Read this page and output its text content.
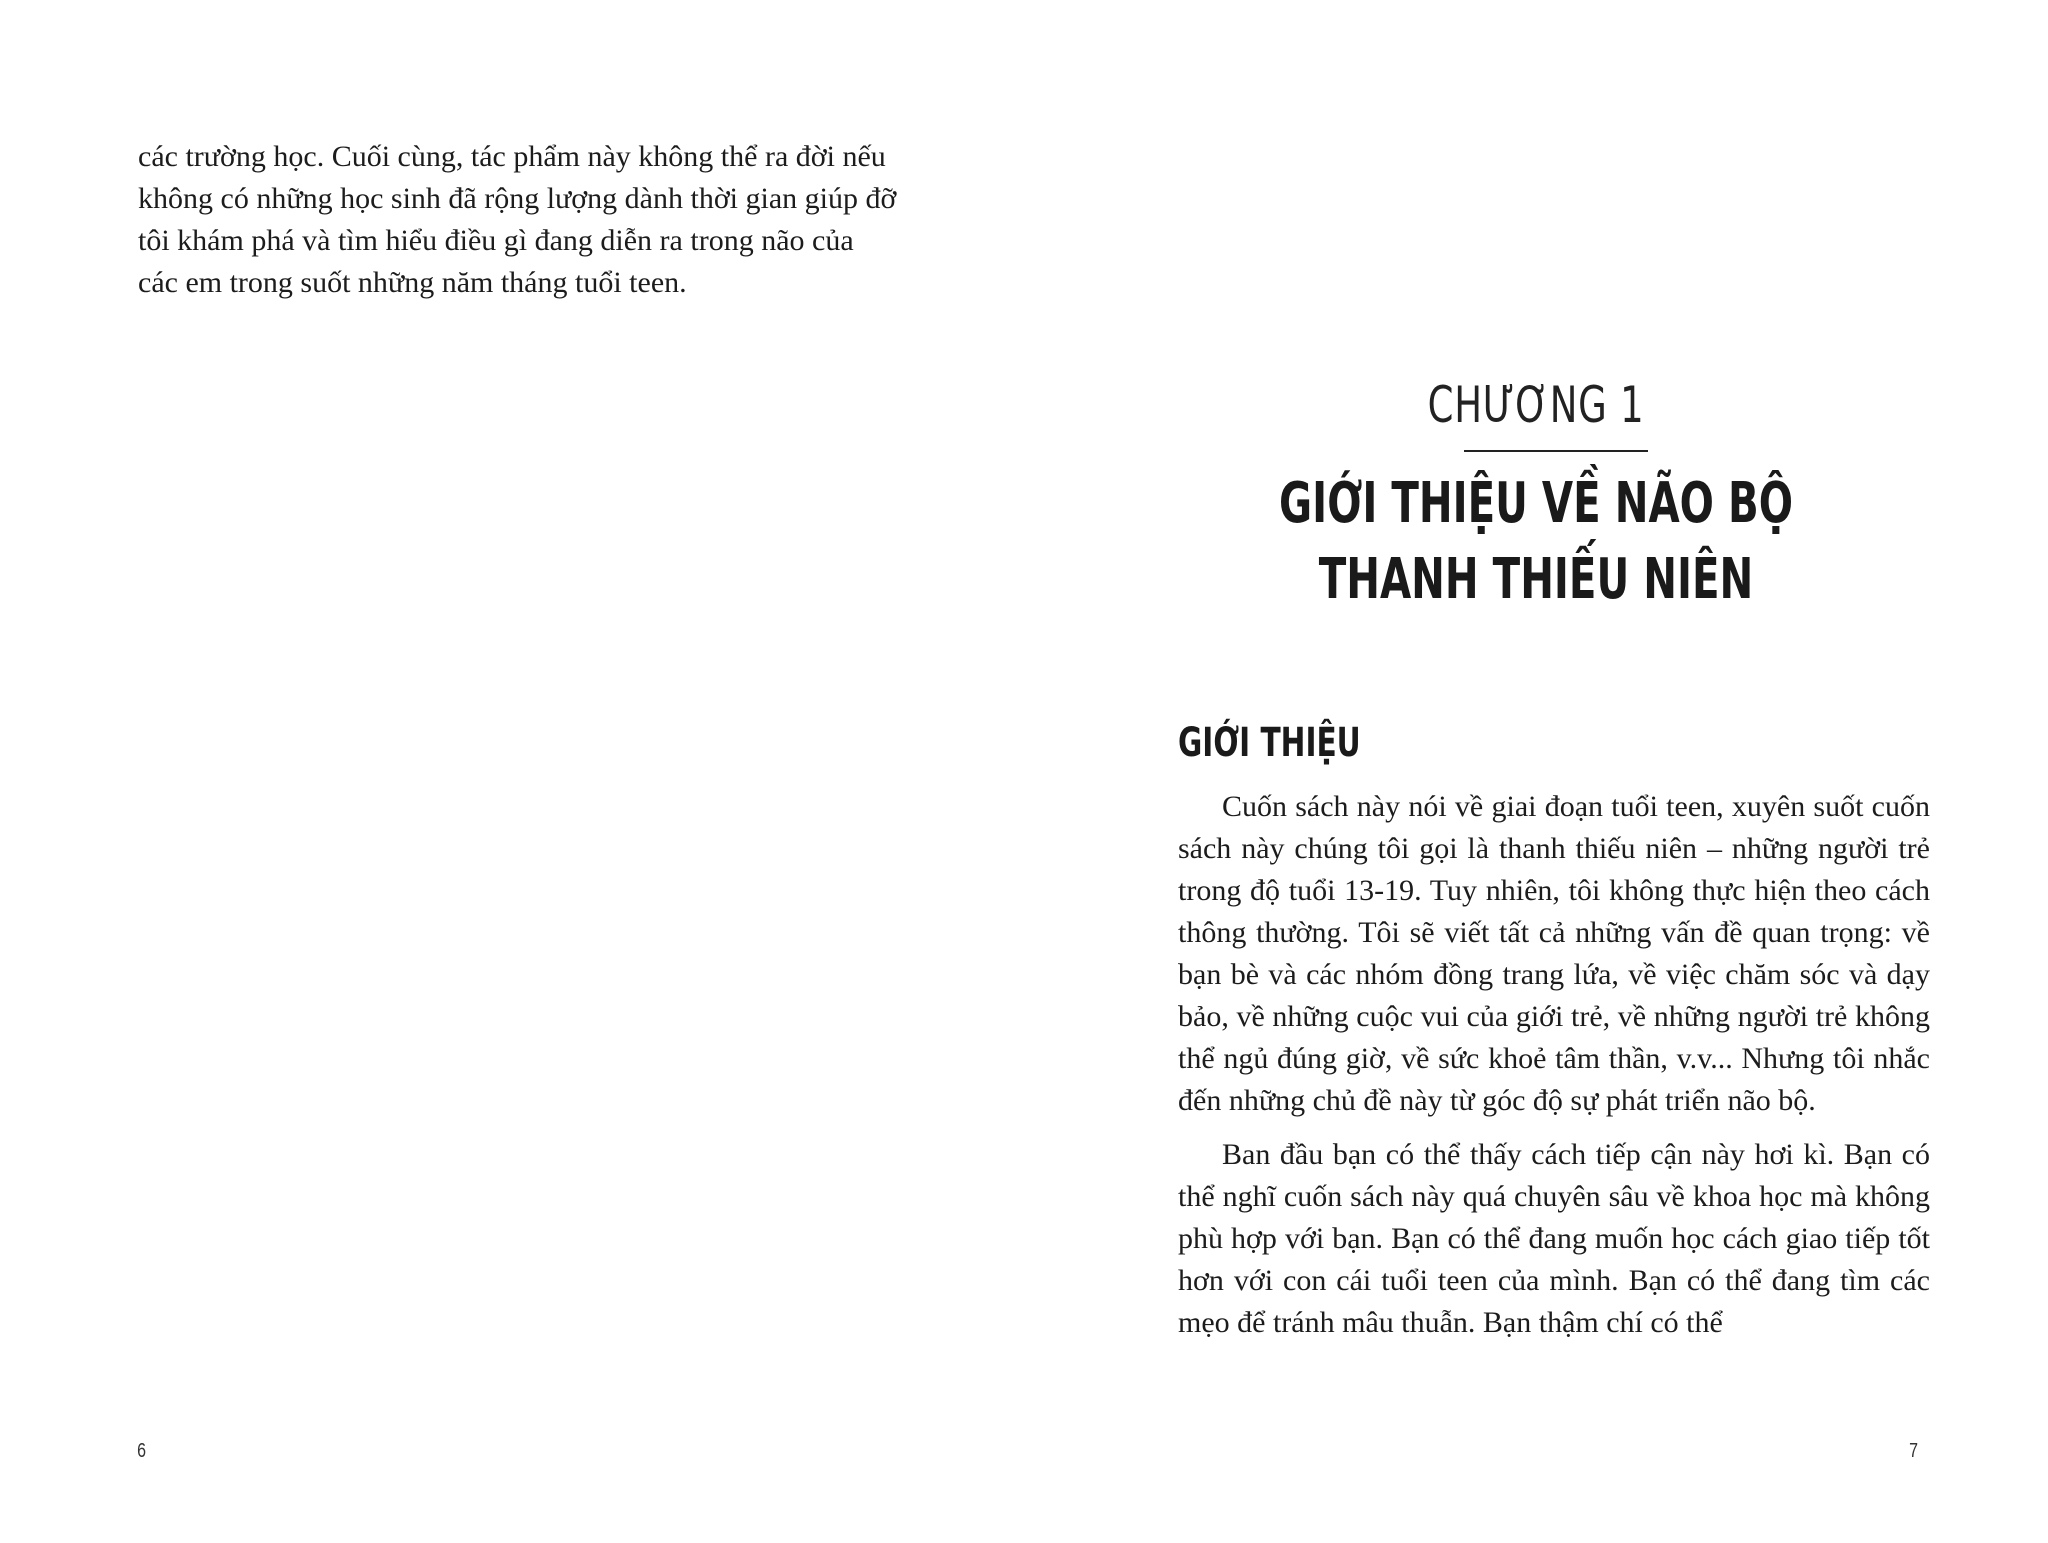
các trường học. Cuối cùng, tác phẩm này không thể ra đời nếu không có những học sinh đã rộng lượng dành thời gian giúp đỡ tôi khám phá và tìm hiểu điều gì đang diễn ra trong não của các em trong suốt những năm tháng tuổi teen.

6
CHƯƠNG 1
GIỚI THIỆU VỀ NÃO BỘ
THANH THIẾU NIÊN
GIỚI THIỆU

Cuốn sách này nói về giai đoạn tuổi teen, xuyên suốt cuốn sách này chúng tôi gọi là thanh thiếu niên – những người trẻ trong độ tuổi 13-19. Tuy nhiên, tôi không thực hiện theo cách thông thường. Tôi sẽ viết tất cả những vấn đề quan trọng: về bạn bè và các nhóm đồng trang lứa, về việc chăm sóc và dạy bảo, về những cuộc vui của giới trẻ, về những người trẻ không thể ngủ đúng giờ, về sức khoẻ tâm thần, v.v... Nhưng tôi nhắc đến những chủ đề này từ góc độ sự phát triển não bộ.

Ban đầu bạn có thể thấy cách tiếp cận này hơi kì. Bạn có thể nghĩ cuốn sách này quá chuyên sâu về khoa học mà không phù hợp với bạn. Bạn có thể đang muốn học cách giao tiếp tốt hơn với con cái tuổi teen của mình. Bạn có thể đang tìm các mẹo để tránh mâu thuẫn. Bạn thậm chí có thể

7
